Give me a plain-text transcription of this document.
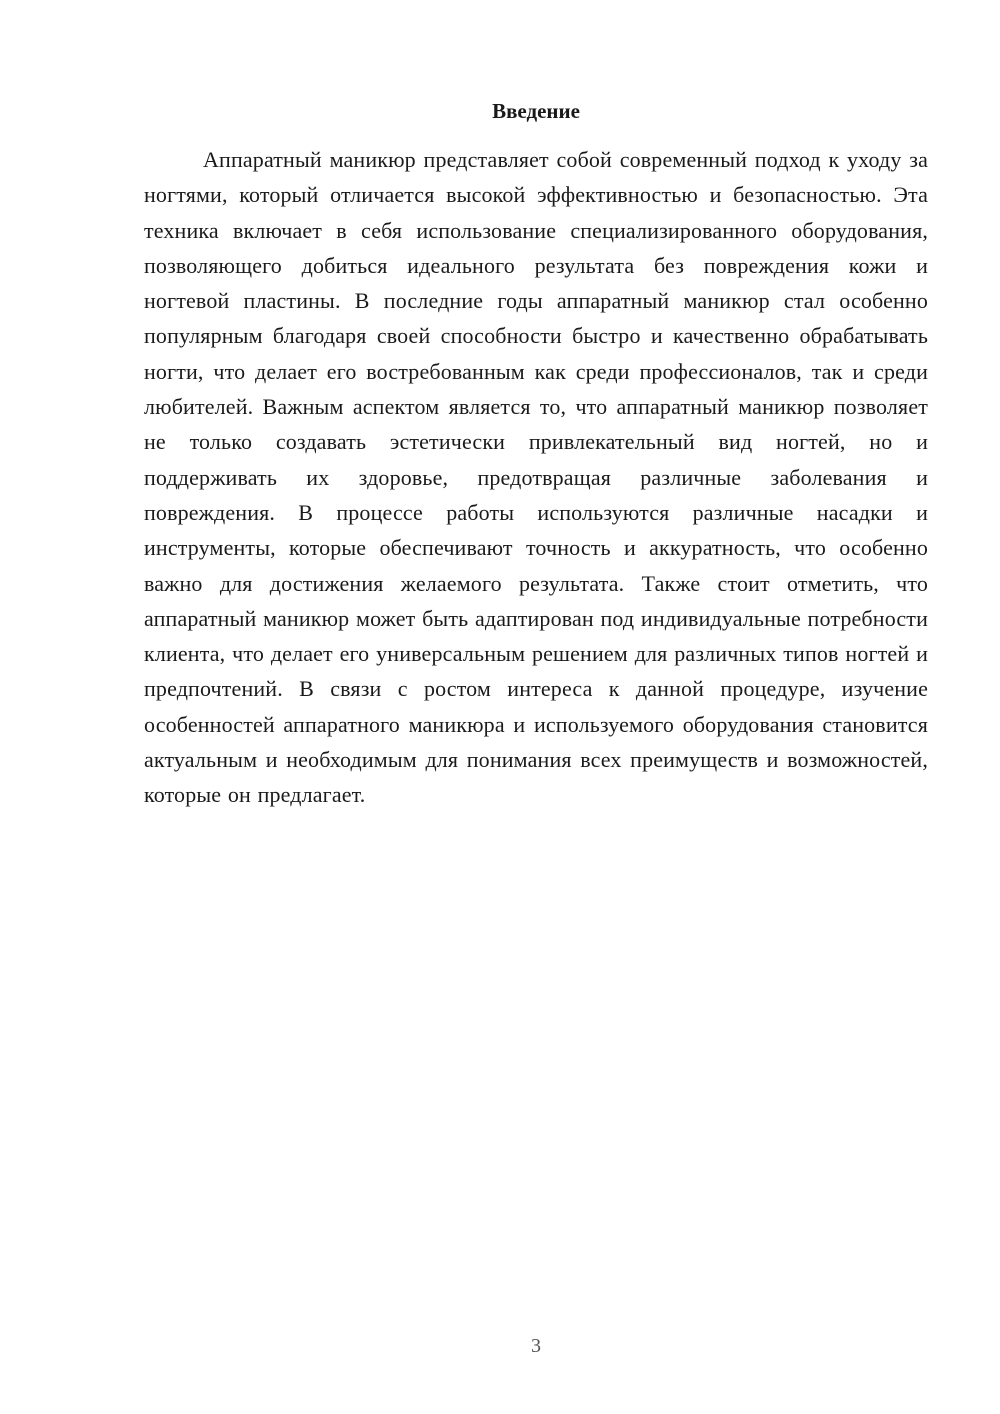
Введение

Аппаратный маникюр представляет собой современный подход к уходу за ногтями, который отличается высокой эффективностью и безопасностью. Эта техника включает в себя использование специализированного оборудования, позволяющего добиться идеального результата без повреждения кожи и ногтевой пластины. В последние годы аппаратный маникюр стал особенно популярным благодаря своей способности быстро и качественно обрабатывать ногти, что делает его востребованным как среди профессионалов, так и среди любителей. Важным аспектом является то, что аппаратный маникюр позволяет не только создавать эстетически привлекательный вид ногтей, но и поддерживать их здоровье, предотвращая различные заболевания и повреждения. В процессе работы используются различные насадки и инструменты, которые обеспечивают точность и аккуратность, что особенно важно для достижения желаемого результата. Также стоит отметить, что аппаратный маникюр может быть адаптирован под индивидуальные потребности клиента, что делает его универсальным решением для различных типов ногтей и предпочтений. В связи с ростом интереса к данной процедуре, изучение особенностей аппаратного маникюра и используемого оборудования становится актуальным и необходимым для понимания всех преимуществ и возможностей, которые он предлагает.

3
